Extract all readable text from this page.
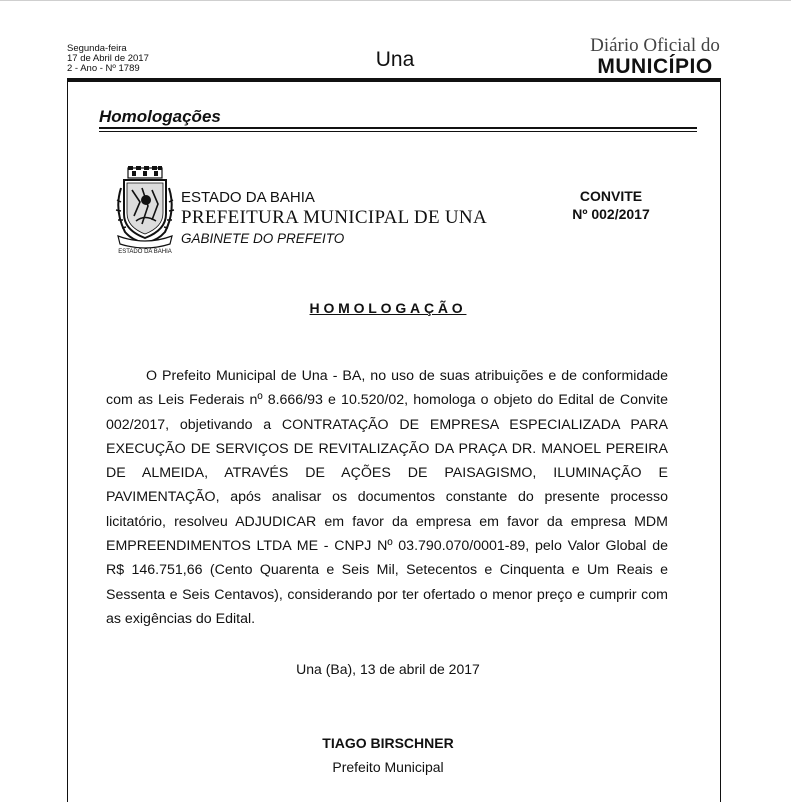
Segunda-feira
17 de Abril de 2017
2 - Ano - Nº 1789	Una
Diário Oficial do
MUNICÍPIO
Homologações
ESTADO DA BAHIA
ESTADO DA BAHIA
PREFEITURA MUNICIPAL DE UNA
GABINETE DO PREFEITO
CONVITE
Nº 002/2017
HOMOLOGAÇÃO

O Prefeito Municipal de Una - BA, no uso de suas atribuições e de conformidade com as Leis Federais nº 8.666/93 e 10.520/02, homologa o objeto do Edital de Convite 002/2017, objetivando a CONTRATAÇÃO DE EMPRESA ESPECIALIZADA PARA EXECUÇÃO DE SERVIÇOS DE REVITALIZAÇÃO DA PRAÇA DR. MANOEL PEREIRA DE ALMEIDA, ATRAVÉS DE AÇÕES DE PAISAGISMO, ILUMINAÇÃO E PAVIMENTAÇÃO, após analisar os documentos constante do presente processo licitatório, resolveu ADJUDICAR em favor da empresa em favor da empresa MDM EMPREENDIMENTOS LTDA ME - CNPJ Nº 03.790.070/0001-89, pelo Valor Global de R$ 146.751,66 (Cento Quarenta e Seis Mil, Setecentos e Cinquenta e Um Reais e Sessenta e Seis Centavos), considerando por ter ofertado o menor preço e cumprir com as exigências do Edital.

Una (Ba), 13 de abril de 2017
TIAGO BIRSCHNER
Prefeito Municipal
